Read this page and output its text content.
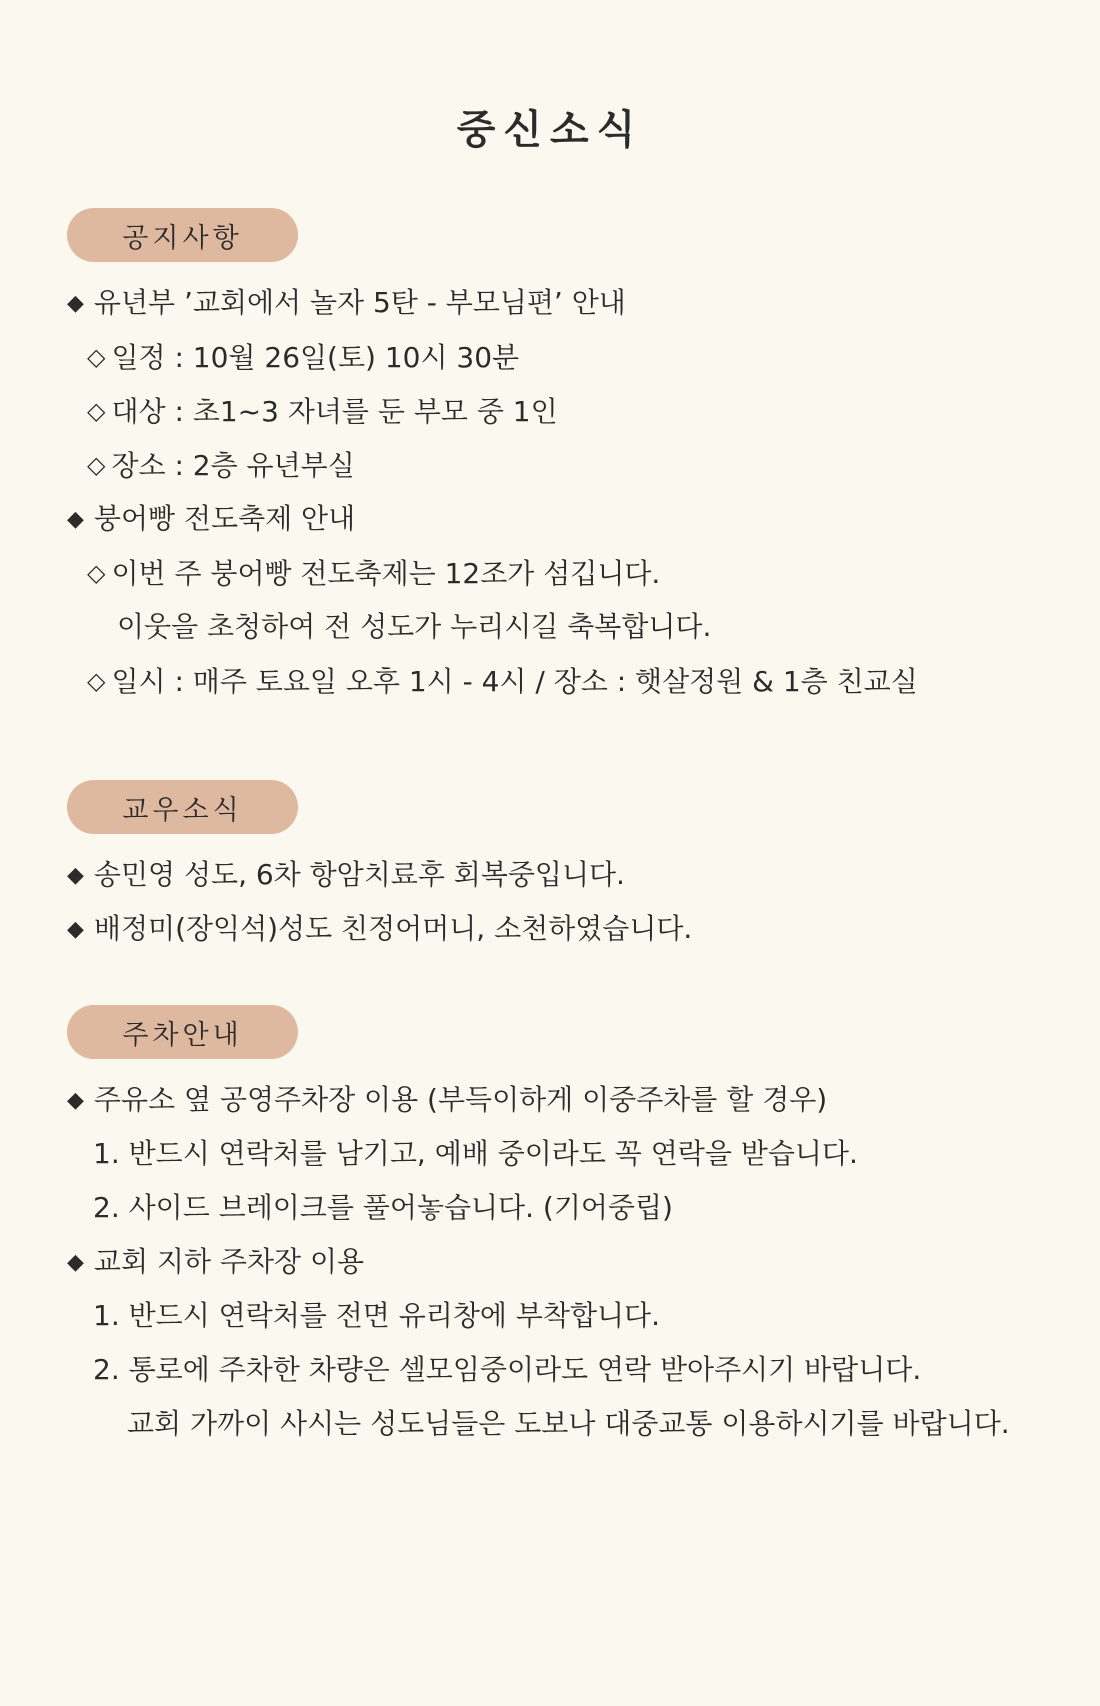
중신소식
공지사항
◆ 유년부 ’교회에서 놀자 5탄 - 부모님편’ 안내
◇ 일정 : 10월 26일(토) 10시 30분
◇ 대상 : 초1~3 자녀를 둔 부모 중 1인
◇ 장소 : 2층 유년부실
◆ 붕어빵 전도축제 안내
◇ 이번 주 붕어빵 전도축제는 12조가 섬깁니다.
이웃을 초청하여 전 성도가 누리시길 축복합니다.
◇ 일시 : 매주 토요일 오후 1시 - 4시 / 장소 : 햇살정원 & 1층 친교실
교우소식
◆ 송민영 성도, 6차 항암치료후 회복중입니다.
◆ 배정미(장익석)성도 친정어머니, 소천하였습니다.
주차안내
◆ 주유소 옆 공영주차장 이용 (부득이하게 이중주차를 할 경우)
1. 반드시 연락처를 남기고, 예배 중이라도 꼭 연락을 받습니다.
2. 사이드 브레이크를 풀어놓습니다. (기어중립)
◆ 교회 지하 주차장 이용
1. 반드시 연락처를 전면 유리창에 부착합니다.
2. 통로에 주차한 차량은 셀모임중이라도 연락 받아주시기 바랍니다.
교회 가까이 사시는 성도님들은 도보나 대중교통 이용하시기를 바랍니다.
